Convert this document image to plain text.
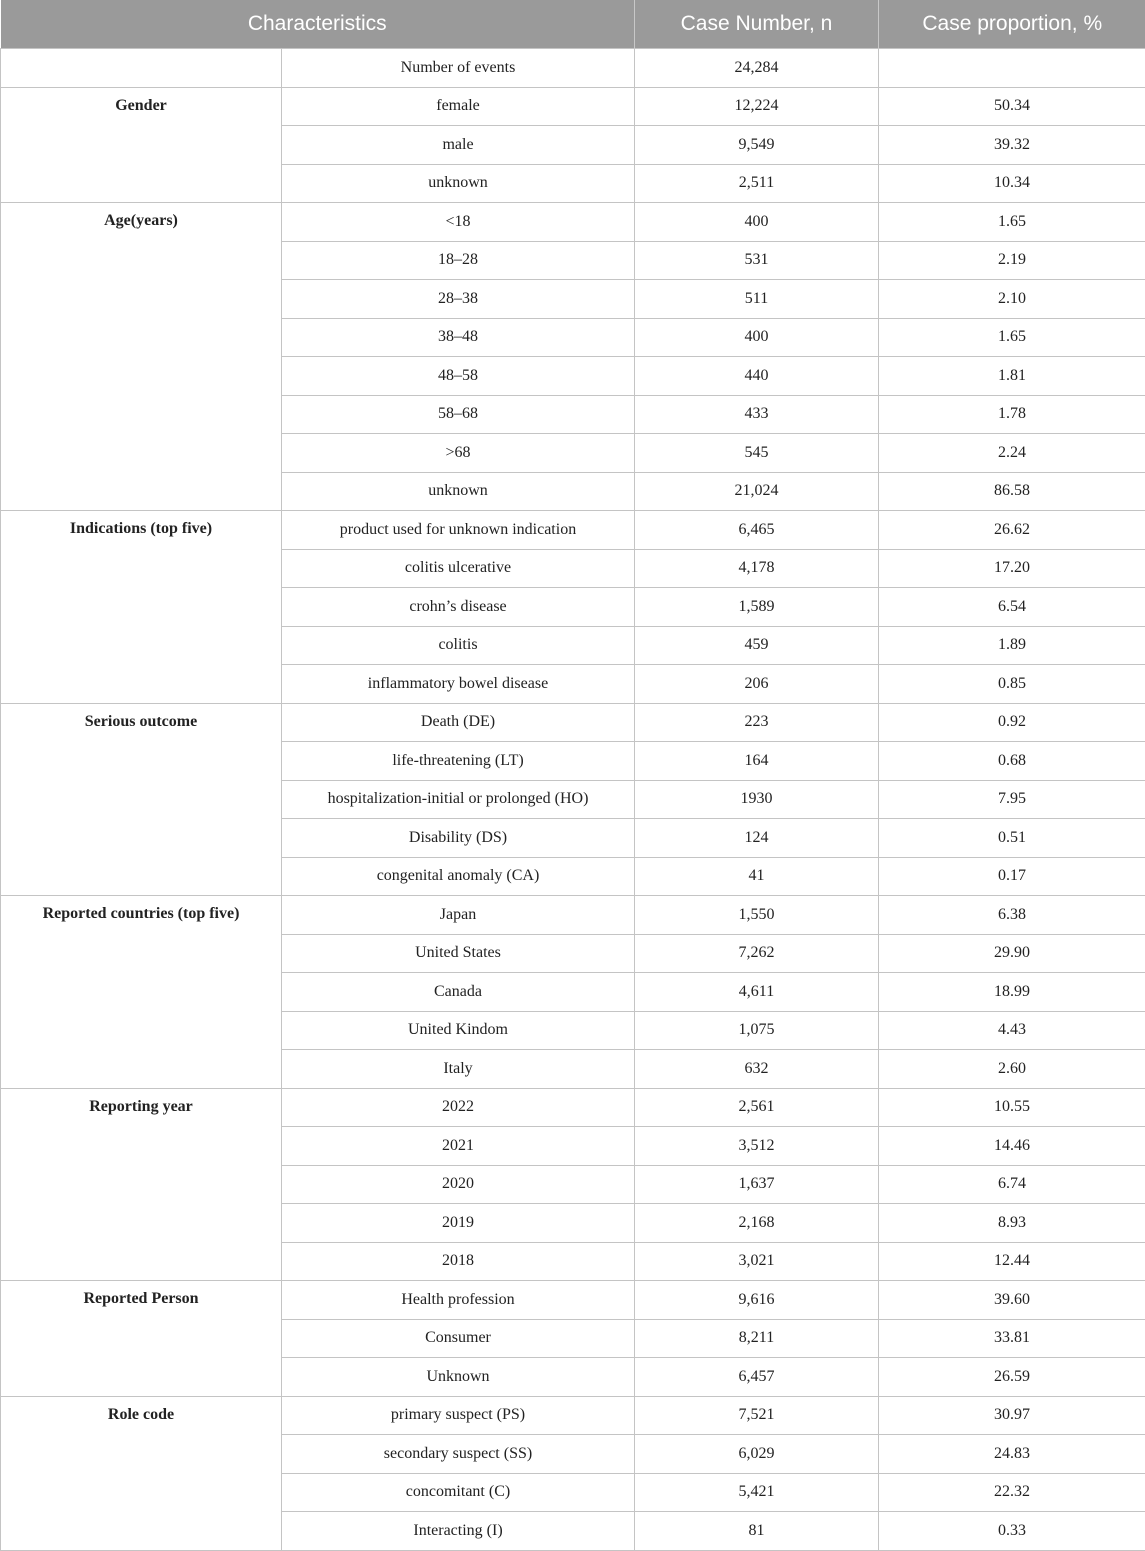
Characteristics		Case Number, n	Case proportion, %
	Number of events	24,284	
Gender	female	12,224	50.34
	male	9,549	39.32
	unknown	2,511	10.34
Age(years)	<18	400	1.65
	18–28	531	2.19
	28–38	511	2.10
	38–48	400	1.65
	48–58	440	1.81
	58–68	433	1.78
	>68	545	2.24
	unknown	21,024	86.58
Indications (top five)	product used for unknown indication	6,465	26.62
	colitis ulcerative	4,178	17.20
	crohn’s disease	1,589	6.54
	colitis	459	1.89
	inflammatory bowel disease	206	0.85
Serious outcome	Death (DE)	223	0.92
	life-threatening (LT)	164	0.68
	hospitalization-initial or prolonged (HO)	1930	7.95
	Disability (DS)	124	0.51
	congenital anomaly (CA)	41	0.17
Reported countries (top five)	Japan	1,550	6.38
	United States	7,262	29.90
	Canada	4,611	18.99
	United Kindom	1,075	4.43
	Italy	632	2.60
Reporting year	2022	2,561	10.55
	2021	3,512	14.46
	2020	1,637	6.74
	2019	2,168	8.93
	2018	3,021	12.44
Reported Person	Health profession	9,616	39.60
	Consumer	8,211	33.81
	Unknown	6,457	26.59
Role code	primary suspect (PS)	7,521	30.97
	secondary suspect (SS)	6,029	24.83
	concomitant (C)	5,421	22.32
	Interacting (I)	81	0.33
